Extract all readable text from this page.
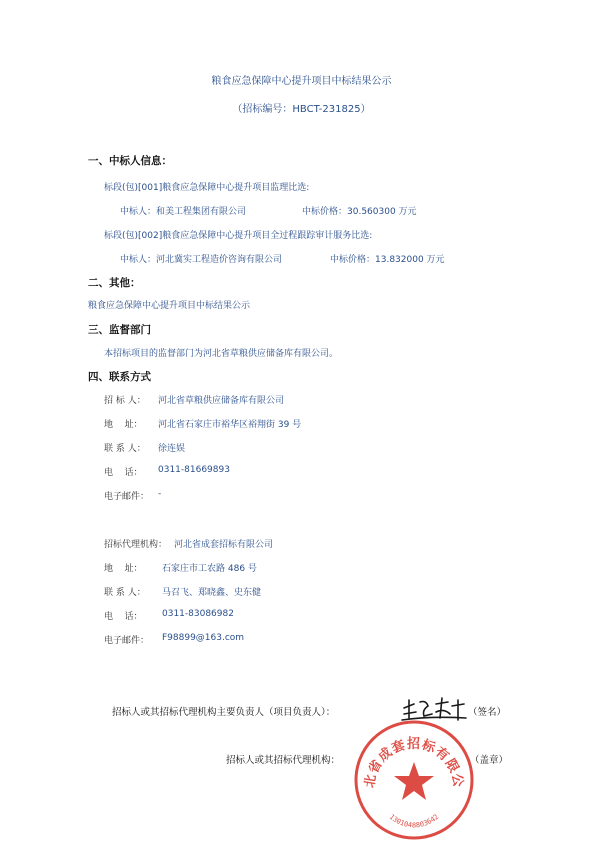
粮食应急保障中心提升项目中标结果公示
（招标编号：HBCT-231825）
一、中标人信息：
标段(包)[001]粮食应急保障中心提升项目监理比选:
中标人：和美工程集团有限公司	中标价格：30.560300 万元
标段(包)[002]粮食应急保障中心提升项目全过程跟踪审计服务比选:
中标人：河北冀实工程造价咨询有限公司	中标价格：13.832000 万元
二、其他：
粮食应急保障中心提升项目中标结果公示
三、监督部门
本招标项目的监督部门为河北省草粮供应储备库有限公司。
四、联系方式
招 标 人： 河北省草粮供应储备库有限公司
地    址： 河北省石家庄市裕华区裕翔街 39 号
联 系 人： 徐连娱
电    话： 0311-81669893
电子邮件： -
招标代理机构： 河北省成套招标有限公司
地    址： 石家庄市工农路 486 号
联 系 人： 马召飞、郑晓鑫、史东健
电    话： 0311-83086982
电子邮件： F98899@163.com
招标人或其招标代理机构主要负责人（项目负责人）：	（签名）
招标人或其招标代理机构：	（盖章）
北省成套招标有限公
1301048803642
